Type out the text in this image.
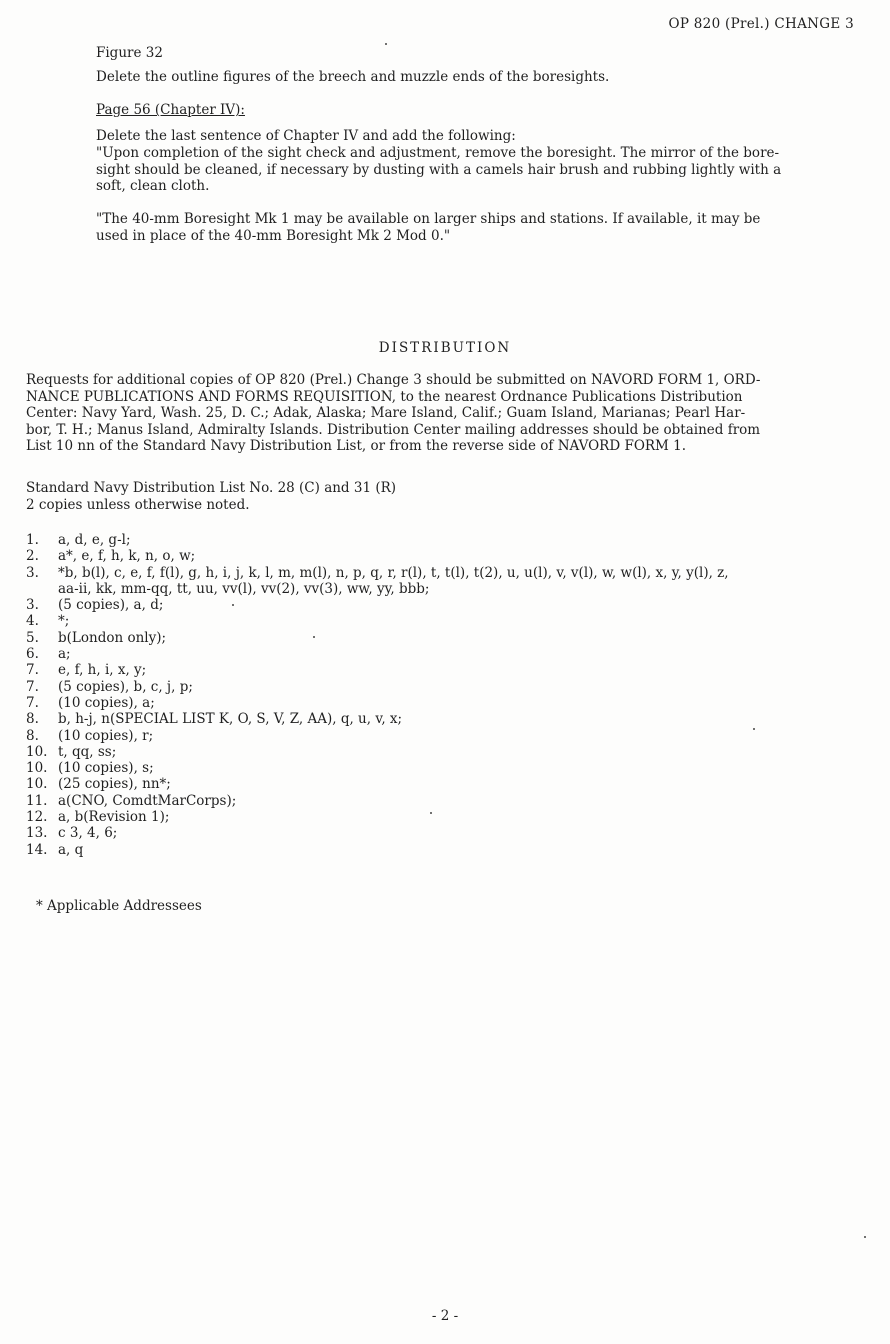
OP 820 (Prel.) CHANGE 3
Figure 32
Delete the outline figures of the breech and muzzle ends of the boresights.
Page 56 (Chapter IV):
Delete the last sentence of Chapter IV and add the following:
"Upon completion of the sight check and adjustment, remove the boresight. The mirror of the bore-
sight should be cleaned, if necessary by dusting with a camels hair brush and rubbing lightly with a
soft, clean cloth.
"The 40-mm Boresight Mk 1 may be available on larger ships and stations. If available, it may be
used in place of the 40-mm Boresight Mk 2 Mod 0."
DISTRIBUTION
Requests for additional copies of OP 820 (Prel.) Change 3 should be submitted on NAVORD FORM 1, ORD-
NANCE PUBLICATIONS AND FORMS REQUISITION, to the nearest Ordnance Publications Distribution
Center: Navy Yard, Wash. 25, D. C.; Adak, Alaska; Mare Island, Calif.; Guam Island, Marianas; Pearl Har-
bor, T. H.; Manus Island, Admiralty Islands. Distribution Center mailing addresses should be obtained from
List 10 nn of the Standard Navy Distribution List, or from the reverse side of NAVORD FORM 1.
Standard Navy Distribution List No. 28 (C) and 31 (R)
2 copies unless otherwise noted.
1.	a, d, e, g-l;
2.	a*, e, f, h, k, n, o, w;
3.	*b, b(l), c, e, f, f(l), g, h, i, j, k, l, m, m(l), n, p, q, r, r(l), t, t(l), t(2), u, u(l), v, v(l), w, w(l), x, y, y(l), z,
aa-ii, kk, mm-qq, tt, uu, vv(l), vv(2), vv(3), ww, yy, bbb;
3.	(5 copies), a, d;
4.	*;
5.	b(London only);
6.	a;
7.	e, f, h, i, x, y;
7.	(5 copies), b, c, j, p;
7.	(10 copies), a;
8.	b, h-j, n(SPECIAL LIST K, O, S, V, Z, AA), q, u, v, x;
8.	(10 copies), r;
10. t, qq, ss;
10. (10 copies), s;
10. (25 copies), nn*;
11. a(CNO, ComdtMarCorps);
12. a, b(Revision 1);
13. c 3, 4, 6;
14. a, q
* Applicable Addressees
- 2 -
